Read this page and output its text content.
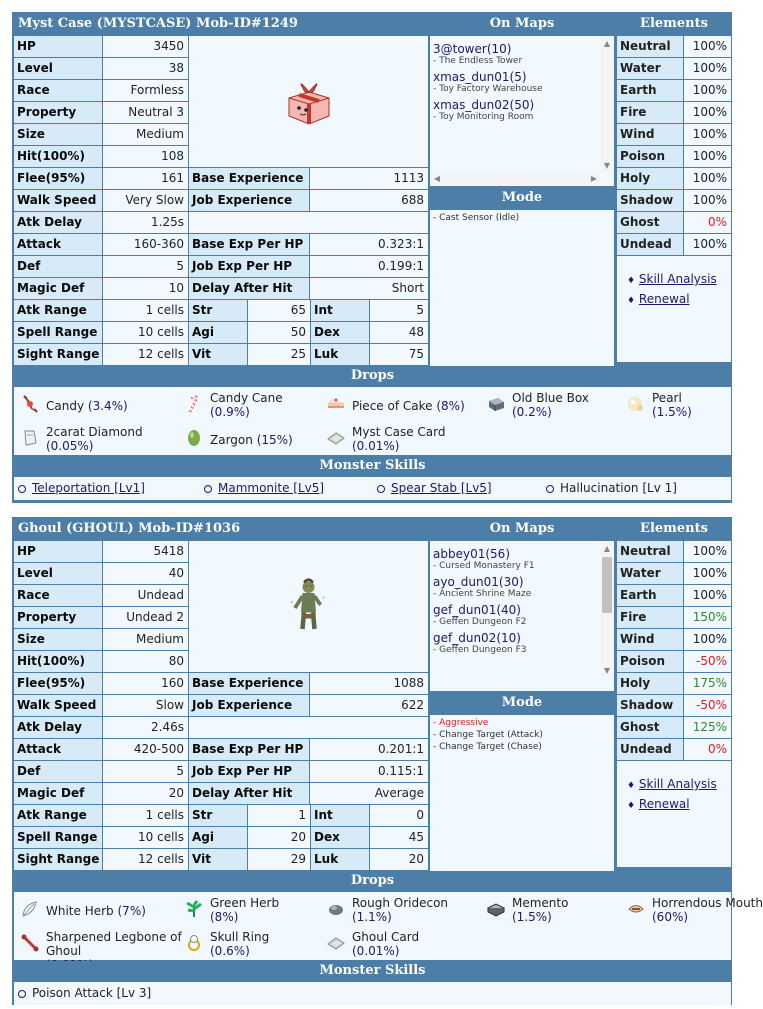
Myst Case (MYSTCASE) Mob-ID#1249	On Maps	Elements
HP	3450
Level	38
Race	Formless
Property	Neutral 3
Size	Medium
Hit(100%)	108
Flee(95%)	161
Walk Speed	Very Slow
Atk Delay	1.25s
Attack	160-360
Def	5
Magic Def	10
Atk Range	1 cells
Spell Range	10 cells
Sight Range	12 cells
Base Experience	1113
Job Experience	688
Base Exp Per HP	0.323:1
Job Exp Per HP	0.199:1
Delay After Hit	Short
Str	65 Int	5
Agi	50 Dex	48
Vit	25 Luk	75
3@tower(10)
- The Endless Tower
xmas_dun01(5)
- Toy Factory Warehouse
xmas_dun02(50)
- Toy Monitoring Room
▲
▼
◀	▶
Mode
- Cast Sensor (Idle)
Neutral	100%
Water	100%
Earth	100%
Fire	100%
Wind	100%
Poison	100%
Holy	100%
Shadow	100%
Ghost	0%
Undead	100%
♦ Skill Analysis
♦ Renewal
Drops
Candy (3.4%)
Candy Cane
(0.9%)	Piece of Cake (8%)
Old Blue Box
(0.2%)
Pearl
(1.5%)
2carat Diamond
(0.05%)	Zargon (15%)
Myst Case Card
(0.01%)
Monster Skills
Teleportation [Lv1]	Mammonite [Lv5]	Spear Stab [Lv5]	Hallucination [Lv 1]
Ghoul (GHOUL) Mob-ID#1036	On Maps	Elements
HP	5418
Level	40
Race	Undead
Property	Undead 2
Size	Medium
Hit(100%)	80
Flee(95%)	160
Walk Speed	Slow
Atk Delay	2.46s
Attack	420-500
Def	5
Magic Def	20
Atk Range	1 cells
Spell Range	10 cells
Sight Range	12 cells
Base Experience	1088
Job Experience	622
Base Exp Per HP	0.201:1
Job Exp Per HP	0.115:1
Delay After Hit	Average
Str	1 Int	0
Agi	20 Dex	45
Vit	29 Luk	20
abbey01(56)
- Cursed Monastery F1
ayo_dun01(30)
- Ancient Shrine Maze
gef_dun01(40)
- Geffen Dungeon F2
gef_dun02(10)
- Geffen Dungeon F3
▲
▼
Mode
- Aggressive
- Change Target (Attack)
- Change Target (Chase)
Neutral	100%
Water	100%
Earth	100%
Fire	150%
Wind	100%
Poison	-50%
Holy	175%
Shadow	-50%
Ghost	125%
Undead	0%
♦ Skill Analysis
♦ Renewal
Drops
White Herb (7%)
Green Herb
(8%)
Rough Oridecon
(1.1%)
Memento
(1.5%)
Horrendous Mouth
(60%)
Sharpened Legbone of Ghoul

Skull Ring
(0.6%)
Ghoul Card
(0.01%)
Monster Skills
Poison Attack [Lv 3]
